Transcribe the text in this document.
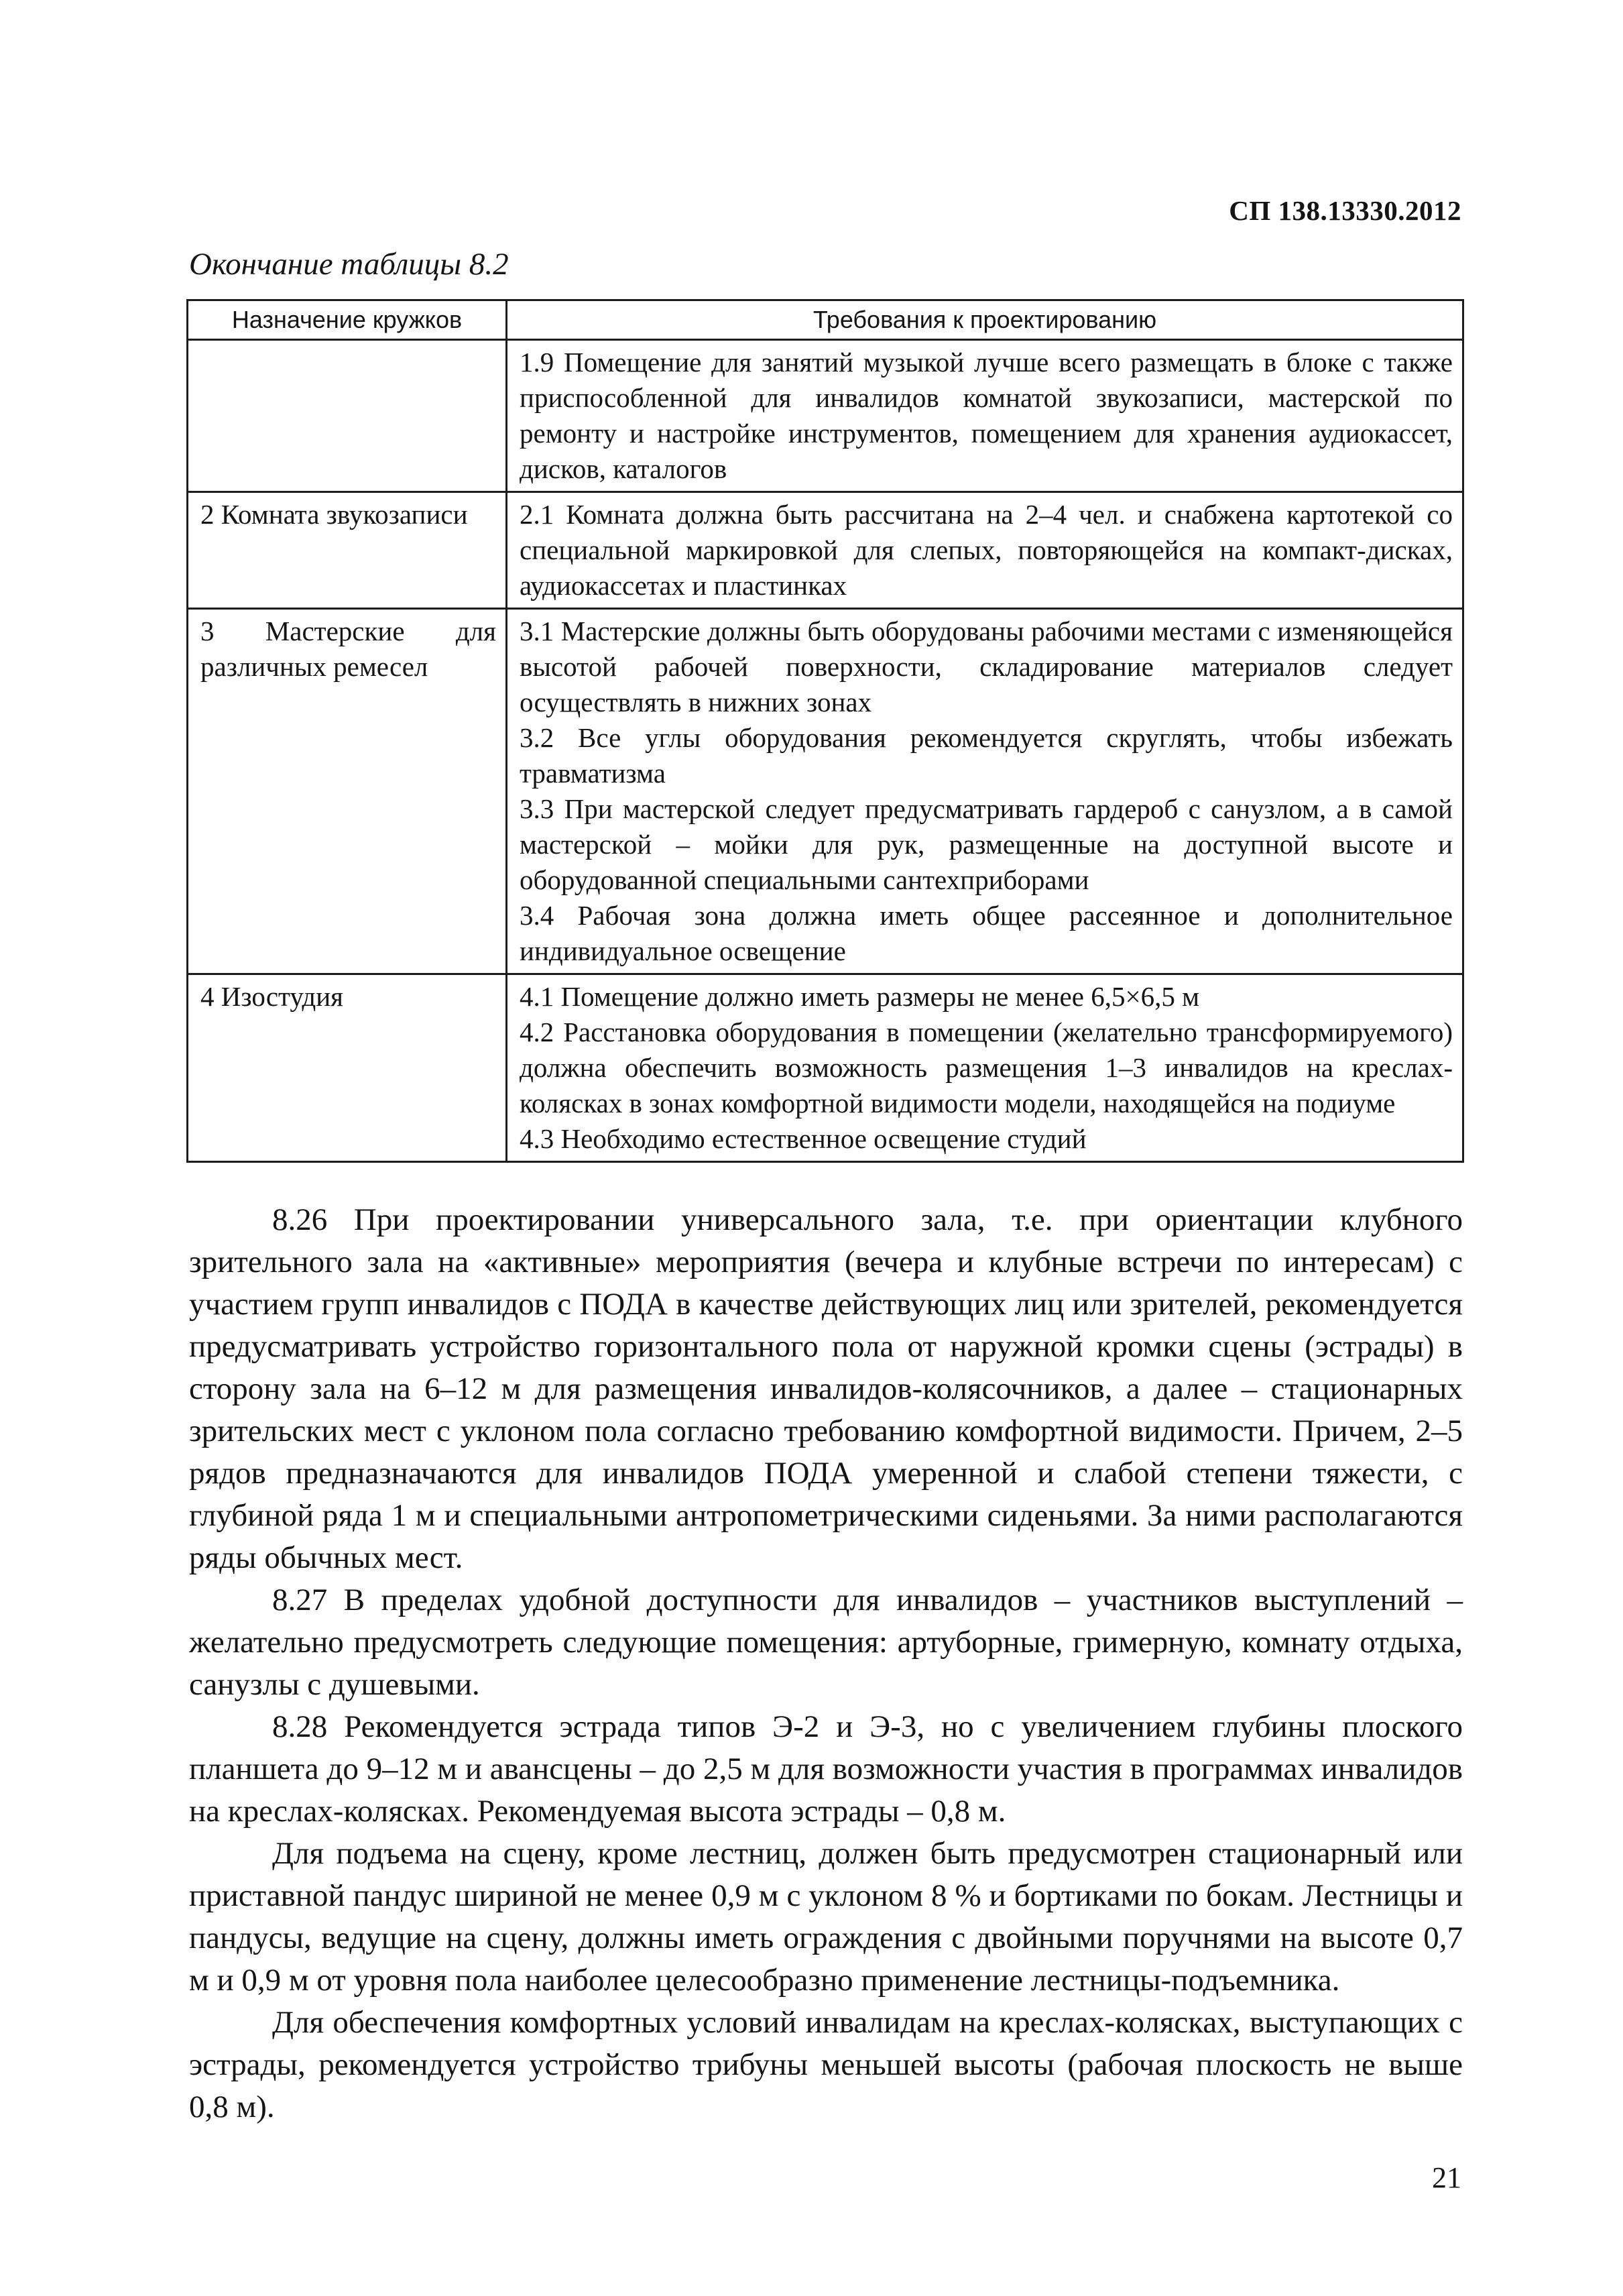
СП 138.13330.2012
Окончание таблицы 8.2
Назначение кружков	Требования к проектированию

	1.9 Помещение для занятий музыкой лучше всего размещать в блоке с также приспособленной для инвалидов комнатой звукозаписи, мастерской по ремонту и настройке инструментов, помещением для хранения аудиокассет, дисков, каталогов

2 Комната звукозаписи	2.1 Комната должна быть рассчитана на 2–4 чел. и снабжена картотекой со специальной маркировкой для слепых, повторяющейся на компакт-дисках, аудиокассетах и пластинках

3 Мастерские для различных ремесел	3.1 Мастерские должны быть оборудованы рабочими местами с изменяющейся высотой рабочей поверхности, складирование материалов следует осуществлять в нижних зонах
3.2 Все углы оборудования рекомендуется скруглять, чтобы избежать травматизма
3.3 При мастерской следует предусматривать гардероб с санузлом, а в самой мастерской – мойки для рук, размещенные на доступной высоте и оборудованной специальными сантехприборами
3.4 Рабочая зона должна иметь общее рассеянное и дополнительное индивидуальное освещение

4 Изостудия	4.1 Помещение должно иметь размеры не менее 6,5×6,5 м
4.2 Расстановка оборудования в помещении (желательно трансформируемого) должна обеспечить возможность размещения 1–3 инвалидов на креслах-колясках в зонах комфортной видимости модели, находящейся на подиуме
4.3 Необходимо естественное освещение студий

8.26 При проектировании универсального зала, т.е. при ориентации клубного зрительного зала на «активные» мероприятия (вечера и клубные встречи по интересам) с участием групп инвалидов с ПОДА в качестве действующих лиц или зрителей, рекомендуется предусматривать устройство горизонтального пола от наружной кромки сцены (эстрады) в сторону зала на 6–12 м для размещения инвалидов-колясочников, а далее – стационарных зрительских мест с уклоном пола согласно требованию комфортной видимости. Причем, 2–5 рядов предназначаются для инвалидов ПОДА умеренной и слабой степени тяжести, с глубиной ряда 1 м и специальными антропометрическими сиденьями. За ними располагаются ряды обычных мест.

8.27 В пределах удобной доступности для инвалидов – участников выступлений – желательно предусмотреть следующие помещения: артуборные, гримерную, комнату отдыха, санузлы с душевыми.

8.28 Рекомендуется эстрада типов Э-2 и Э-3, но с увеличением глубины плоского планшета до 9–12 м и авансцены – до 2,5 м для возможности участия в программах инвалидов на креслах-колясках. Рекомендуемая высота эстрады – 0,8 м.

Для подъема на сцену, кроме лестниц, должен быть предусмотрен стационарный или приставной пандус шириной не менее 0,9 м с уклоном 8 % и бортиками по бокам. Лестницы и пандусы, ведущие на сцену, должны иметь ограждения с двойными поручнями на высоте 0,7 м и 0,9 м от уровня пола наиболее целесообразно применение лестницы-подъемника.

Для обеспечения комфортных условий инвалидам на креслах-колясках, выступающих с эстрады, рекомендуется устройство трибуны меньшей высоты (рабочая плоскость не выше 0,8 м).

21
